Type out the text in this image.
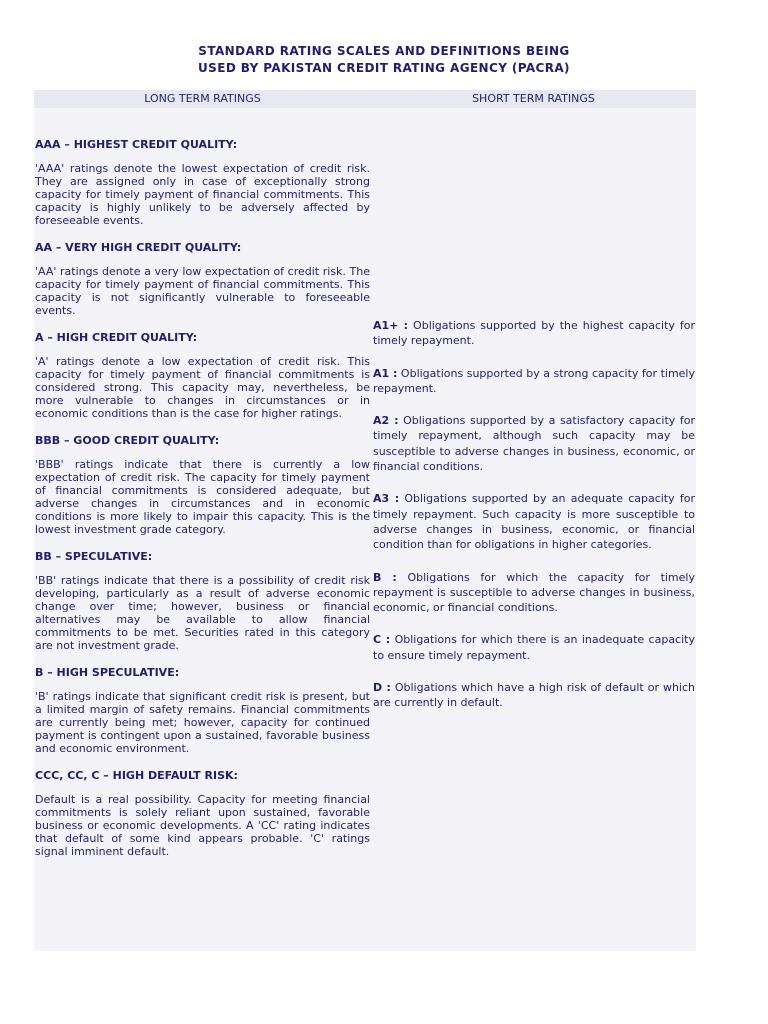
STANDARD RATING SCALES AND DEFINITIONS BEING
USED BY PAKISTAN CREDIT RATING AGENCY (PACRA)
LONG TERM RATINGS	SHORT TERM RATINGS

AAA – HIGHEST CREDIT QUALITY:

'AAA' ratings denote the lowest expectation of credit risk. They are assigned only in case of exceptionally strong capacity for timely payment of financial commitments. This capacity is highly unlikely to be adversely affected by foreseeable events.

AA – VERY HIGH CREDIT QUALITY:

'AA' ratings denote a very low expectation of credit risk. The capacity for timely payment of financial commitments. This capacity is not significantly vulnerable to foreseeable events.

A – HIGH CREDIT QUALITY:

'A' ratings denote a low expectation of credit risk. This capacity for timely payment of financial commitments is considered strong. This capacity may, nevertheless, be more vulnerable to changes in circumstances or in economic conditions than is the case for higher ratings.

BBB – GOOD CREDIT QUALITY:

'BBB' ratings indicate that there is currently a low expectation of credit risk. The capacity for timely payment of financial commitments is considered adequate, but adverse changes in circumstances and in economic conditions is more likely to impair this capacity. This is the lowest investment grade category.

BB – SPECULATIVE:

'BB' ratings indicate that there is a possibility of credit risk developing, particularly as a result of adverse economic change over time; however, business or financial alternatives may be available to allow financial commitments to be met. Securities rated in this category are not investment grade.

B – HIGH SPECULATIVE:

'B' ratings indicate that significant credit risk is present, but a limited margin of safety remains. Financial commitments are currently being met; however, capacity for continued payment is contingent upon a sustained, favorable business and economic environment.

CCC, CC, C – HIGH DEFAULT RISK:

Default is a real possibility. Capacity for meeting financial commitments is solely reliant upon sustained, favorable business or economic developments. A 'CC' rating indicates that default of some kind appears probable. 'C' ratings signal imminent default.

A1+ : Obligations supported by the highest capacity for timely repayment.

A1 : Obligations supported by a strong capacity for timely repayment.

A2 : Obligations supported by a satisfactory capacity for timely repayment, although such capacity may be susceptible to adverse changes in business, economic, or financial conditions.

A3 : Obligations supported by an adequate capacity for timely repayment. Such capacity is more susceptible to adverse changes in business, economic, or financial condition than for obligations in higher categories.

B : Obligations for which the capacity for timely repayment is susceptible to adverse changes in business, economic, or financial conditions.

C : Obligations for which there is an inadequate capacity to ensure timely repayment.

D : Obligations which have a high risk of default or which are currently in default.
